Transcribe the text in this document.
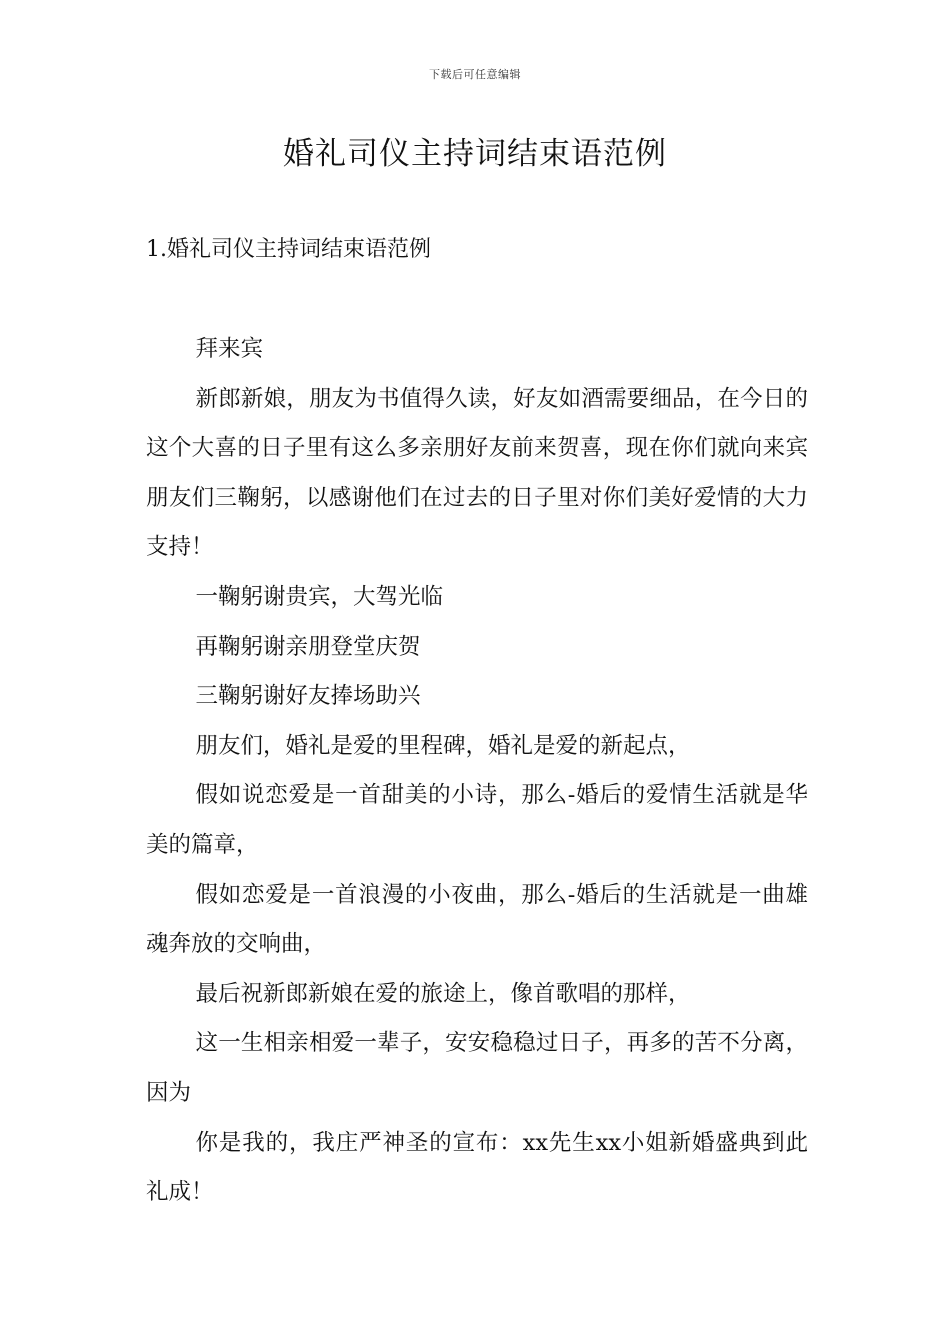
下载后可任意编辑
婚礼司仪主持词结束语范例
1.婚礼司仪主持词结束语范例

拜来宾

新郎新娘，朋友为书值得久读，好友如酒需要细品，在今日的这个大喜的日子里有这么多亲朋好友前来贺喜，现在你们就向来宾朋友们三鞠躬，以感谢他们在过去的日子里对你们美好爱情的大力支持！

一鞠躬谢贵宾，大驾光临

再鞠躬谢亲朋登堂庆贺

三鞠躬谢好友捧场助兴

朋友们，婚礼是爱的里程碑，婚礼是爱的新起点，

假如说恋爱是一首甜美的小诗，那么-婚后的爱情生活就是华美的篇章，

假如恋爱是一首浪漫的小夜曲，那么-婚后的生活就是一曲雄魂奔放的交响曲，

最后祝新郎新娘在爱的旅途上，像首歌唱的那样，

这一生相亲相爱一辈子，安安稳稳过日子，再多的苦不分离，因为

你是我的，我庄严神圣的宣布：xx先生xx小姐新婚盛典到此礼成！
